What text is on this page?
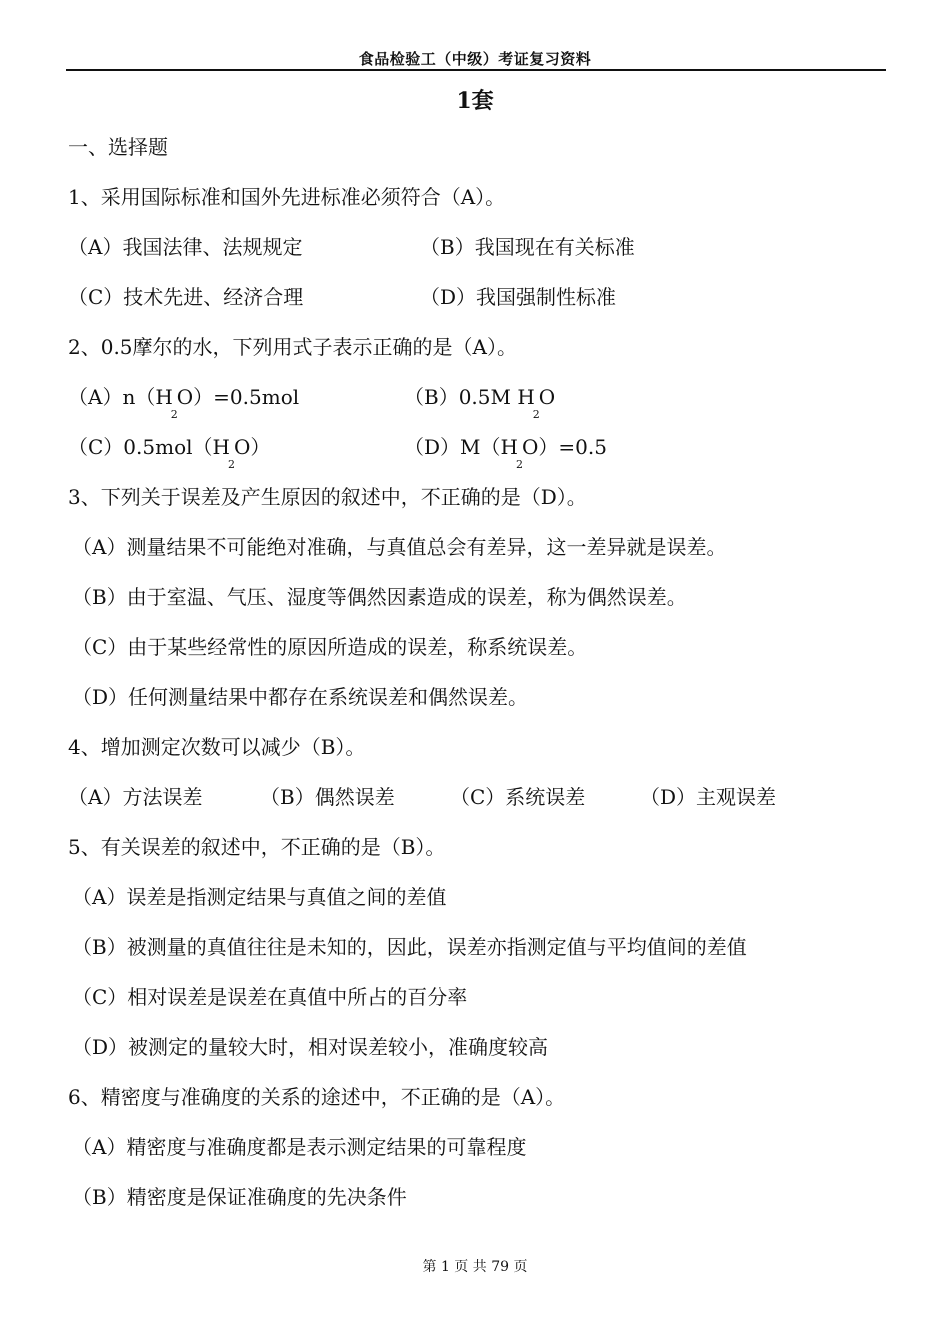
食品检验工（中级）考证复习资料
1套
一、选择题
1、采用国际标准和国外先进标准必须符合（A）。
（A）我国法律、法规规定	（B）我国现在有关标准
（C）技术先进、经济合理	（D）我国强制性标准
2、0.5摩尔的水，下列用式子表示正确的是（A）。
$(A)n(H_2O)=0.5mol$	（B）0.5M $H_2O$
$(C)0.5mol(H_2O)$	$(D)M(H_2O)=0.5$
3、下列关于误差及产生原因的叙述中，不正确的是（D）。
（A）测量结果不可能绝对准确，与真值总会有差异，这一差异就是误差。
（B）由于室温、气压、湿度等偶然因素造成的误差，称为偶然误差。
（C）由于某些经常性的原因所造成的误差，称系统误差。
（D）任何测量结果中都存在系统误差和偶然误差。
4、增加测定次数可以减少（B）。
（A）方法误差	（B）偶然误差	（C）系统误差	（D）主观误差
5、有关误差的叙述中，不正确的是（B）。
（A）误差是指测定结果与真值之间的差值
（B）被测量的真值往往是未知的，因此，误差亦指测定值与平均值间的差值
（C）相对误差是误差在真值中所占的百分率
（D）被测定的量较大时，相对误差较小，准确度较高
6、精密度与准确度的关系的途述中，不正确的是（A）。
（A）精密度与准确度都是表示测定结果的可靠程度
（B）精密度是保证准确度的先决条件
第 1 页 共 79 页
